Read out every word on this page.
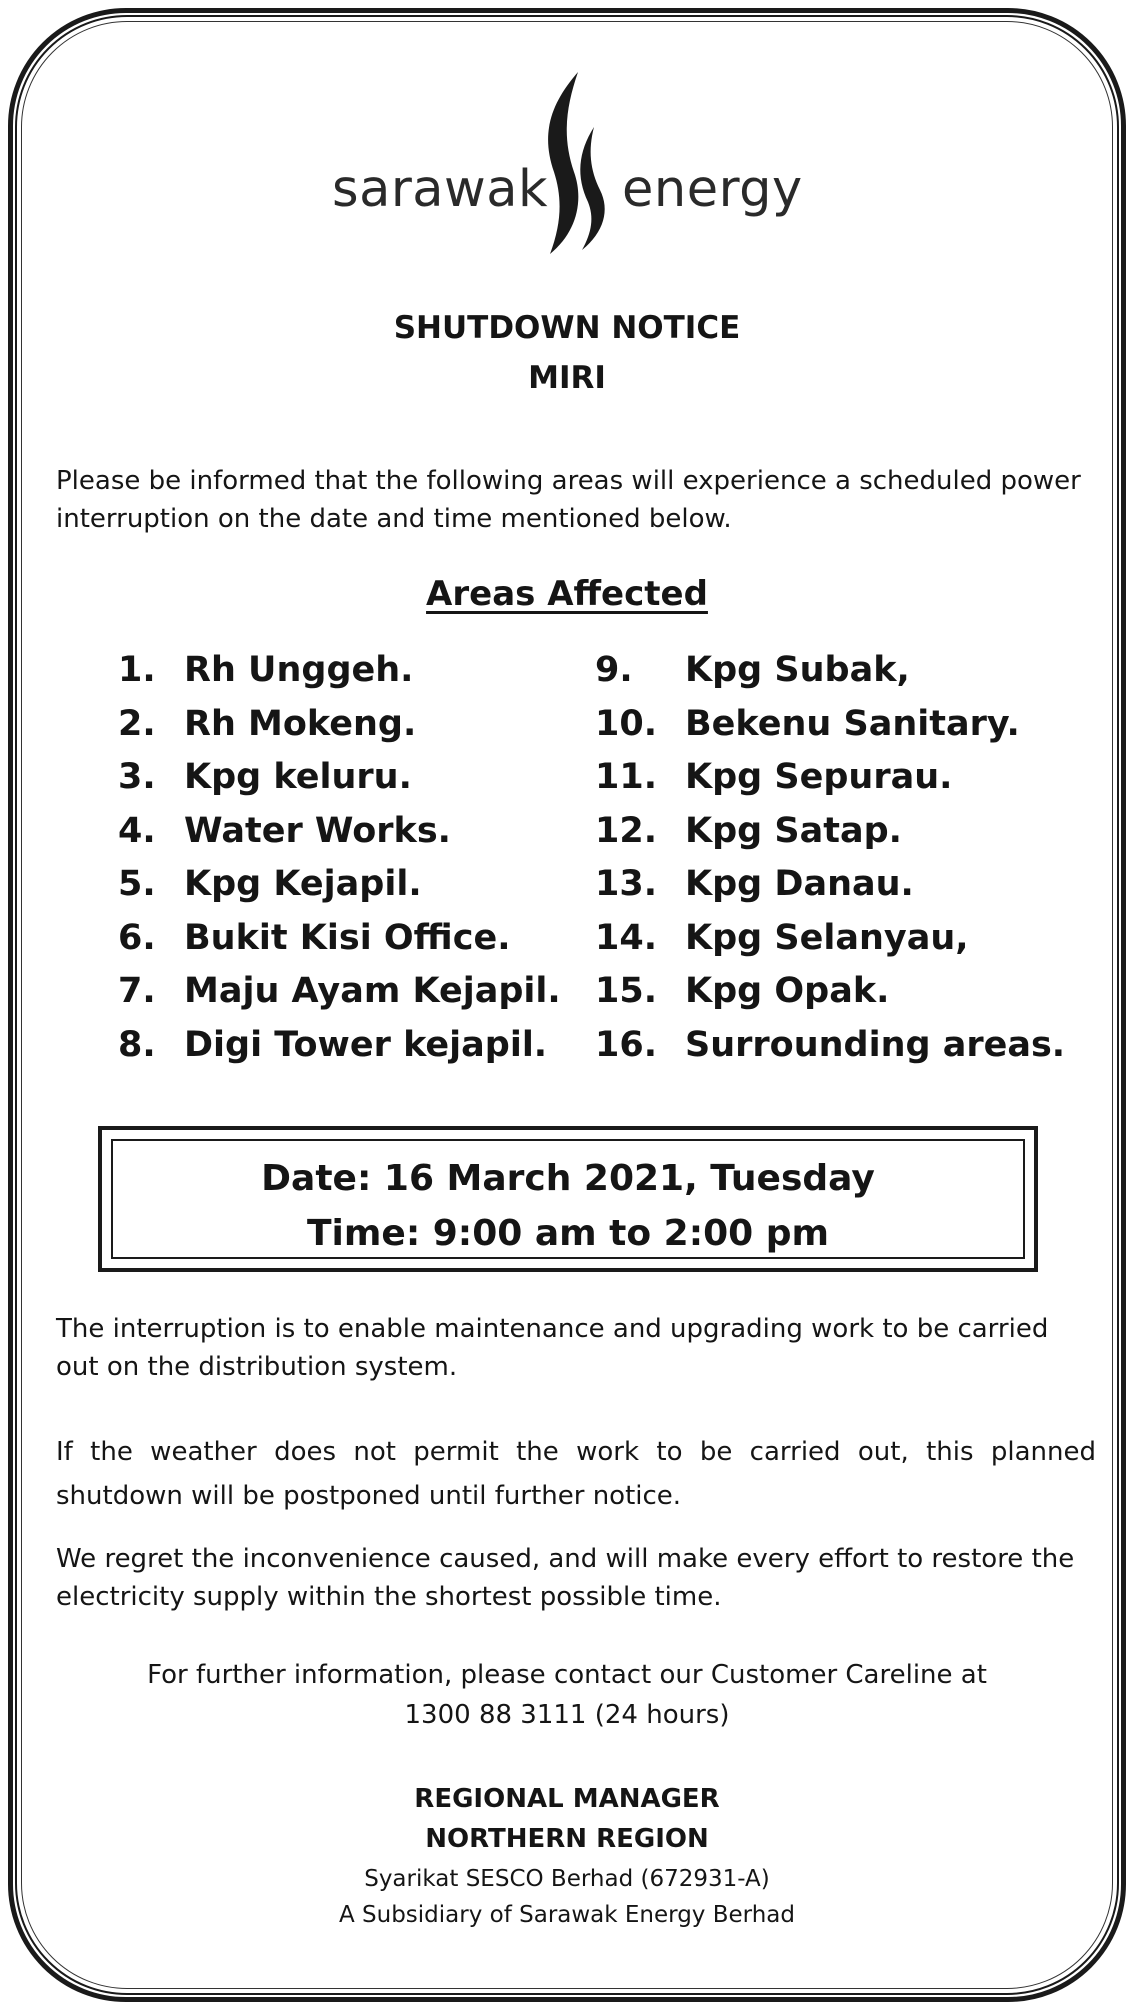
sarawak energy
SHUTDOWN NOTICE
MIRI
Please be informed that the following areas will experience a scheduled power interruption on the date and time mentioned below.
Areas Affected
1. Rh Unggeh.
2. Rh Mokeng.
3. Kpg keluru.
4. Water Works.
5. Kpg Kejapil.
6. Bukit Kisi Office.
7. Maju Ayam Kejapil.
8. Digi Tower kejapil.
9. Kpg Subak,
10. Bekenu Sanitary.
11. Kpg Sepurau.
12. Kpg Satap.
13. Kpg Danau.
14. Kpg Selanyau,
15. Kpg Opak.
16. Surrounding areas.
Date: 16 March 2021, Tuesday
Time: 9:00 am to 2:00 pm
The interruption is to enable maintenance and upgrading work to be carried out on the distribution system.
If the weather does not permit the work to be carried out, this planned shutdown will be postponed until further notice.
We regret the inconvenience caused, and will make every effort to restore the electricity supply within the shortest possible time.
For further information, please contact our Customer Careline at
1300 88 3111 (24 hours)
REGIONAL MANAGER
NORTHERN REGION
Syarikat SESCO Berhad (672931-A)
A Subsidiary of Sarawak Energy Berhad
